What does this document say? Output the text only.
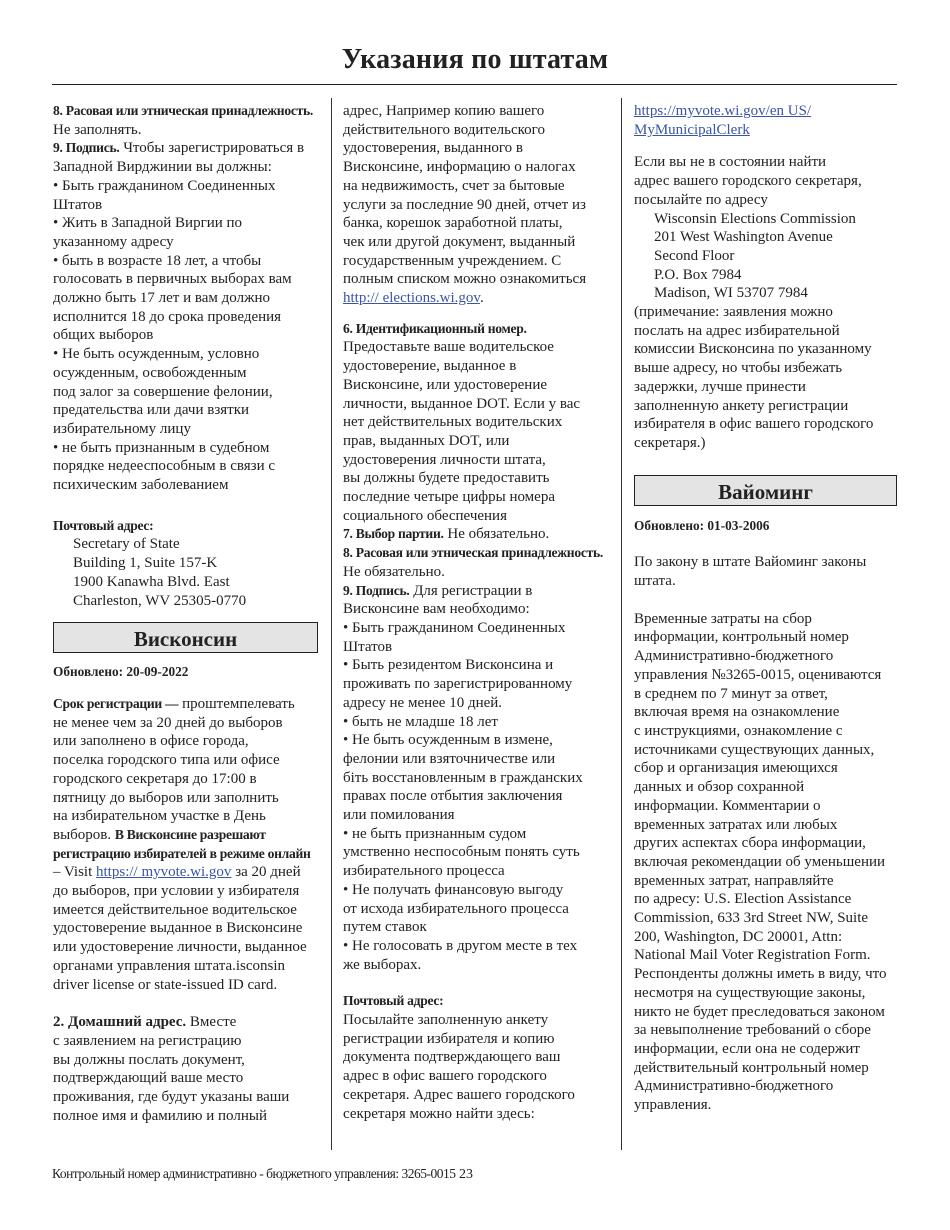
Указания по штатам
8. Расовая или этническая принадлежность.
Не заполнять.
9. Подпись. Чтобы зарегистрироваться в
Западной Вирджинии вы должны:
• Быть гражданином Соединенных
Штатов
• Жить в Западной Виргии по
указанному адресу
• быть в возрасте 18 лет, а чтобы
голосовать в первичных выборах вам
должно быть 17 лет и вам должно
исполнится 18 до срока проведения
общих выборов
• Не быть осужденным, условно
осужденным, освобожденным
под залог за совершение фелонии,
предательства или дачи взятки
избирательному лицу
• не быть признанным в судебном
порядке недееспособным в связи с
психическим заболеванием
Почтовый адрес:
Secretary of State
Building 1, Suite 157-K
1900 Kanawha Blvd. East
Charleston, WV 25305-0770
Висконсин
Обновлено: 20-09-2022
Срок регистрации — проштемпелевать
не менее чем за 20 дней до выборов
или заполнено в офисе города,
поселка городского типа или офисе
городского секретаря до 17:00 в
пятницу до выборов или заполнить
на избирательном участке в День
выборов. В Висконсине разрешают
регистрацию избирателей в режиме онлайн
– Visit https:// myvote.wi.gov за 20 дней
до выборов, при условии у избирателя
имеется действительное водительское
удостоверение выданное в Висконсине
или удостоверение личности, выданное
органами управления штата.isconsin
driver license or state-issued ID card.
2. Домашний адрес. Вместе
с заявлением на регистрацию
вы должны послать документ,
подтверждающий ваше место
проживания, где будут указаны ваши
полное имя и фамилию и полный
адрес, Например копию вашего
действительного водительского
удостоверения, выданного в
Висконсине, информацию о налогах
на недвижимость, счет за бытовые
услуги за последние 90 дней, отчет из
банка, корешок заработной платы,
чек или другой документ, выданный
государственным учреждением. С
полным списком можно ознакомиться
http:// elections.wi.gov.
6. Идентификационный номер.
Предоставьте ваше водительское
удостоверение, выданное в
Висконсине, или удостоверение
личности, выданное DOT. Если у вас
нет действительных водительских
прав, выданных DOT, или
удостоверения личности штата,
вы должны будете предоставить
последние четыре цифры номера
социального обеспечения
7. Выбор партии. Не обязательно.
8. Расовая или этническая принадлежность.
Не обязательно.
9. Подпись. Для регистрации в
Висконсине вам необходимо:
• Быть гражданином Соединенных
Штатов
• Быть резидентом Висконсина и
проживать по зарегистрированному
адресу не менее 10 дней.
• быть не младше 18 лет
• Не быть осужденным в измене,
фелонии или взяточничестве или
біть восстановленным в гражданских
правах после отбытия заключения
или помилования
• не быть признанным судом
умственно неспособным понять суть
избирательного процесса
• Не получать финансовую выгоду
от исхода избирательного процесса
путем ставок
• Не голосовать в другом месте в тех
же выборах.
Почтовый адрес:
Посылайте заполненную анкету
регистрации избирателя и копию
документа подтверждающего ваш
адрес в офис вашего городского
секретаря. Адрес вашего городского
секретаря можно найти здесь:
https://myvote.wi.gov/en US/
MyMunicipalClerk
Если вы не в состоянии найти
адрес вашего городского секретаря,
посылайте по адресу
Wisconsin Elections Commission
201 West Washington Avenue
Second Floor
P.O. Box 7984
Madison, WI 53707 7984
(примечание: заявления можно
послать на адрес избирательной
комиссии Висконсина по указанному
выше адресу, но чтобы избежать
задержки, лучше принести
заполненную анкету регистрации
избирателя в офис вашего городского
секретаря.)
Вайоминг
Обновлено: 01-03-2006
По закону в штате Вайоминг законы
штата.
Временные затраты на сбор
информации, контрольный номер
Административно-бюджетного
управления №3265-0015, оцениваются
в среднем по 7 минут за ответ,
включая время на ознакомление
с инструкциями, ознакомление с
источниками существующих данных,
сбор и организация имеющихся
данных и обзор сохранной
информации. Комментарии о
временных затратах или любых
других аспектах сбора информации,
включая рекомендации об уменьшении
временных затрат, направляйте
по адресу: U.S. Election Assistance
Commission, 633 3rd Street NW, Suite
200, Washington, DC 20001, Attn:
National Mail Voter Registration Form.
Респонденты должны иметь в виду, что
несмотря на существующие законы,
никто не будет преследоваться законом
за невыполнение требований о сборе
информации, если она не содержит
действительный контрольный номер
Административно-бюджетного
управления.
Контрольный номер административно - бюджетного управления: 3265-0015 23
